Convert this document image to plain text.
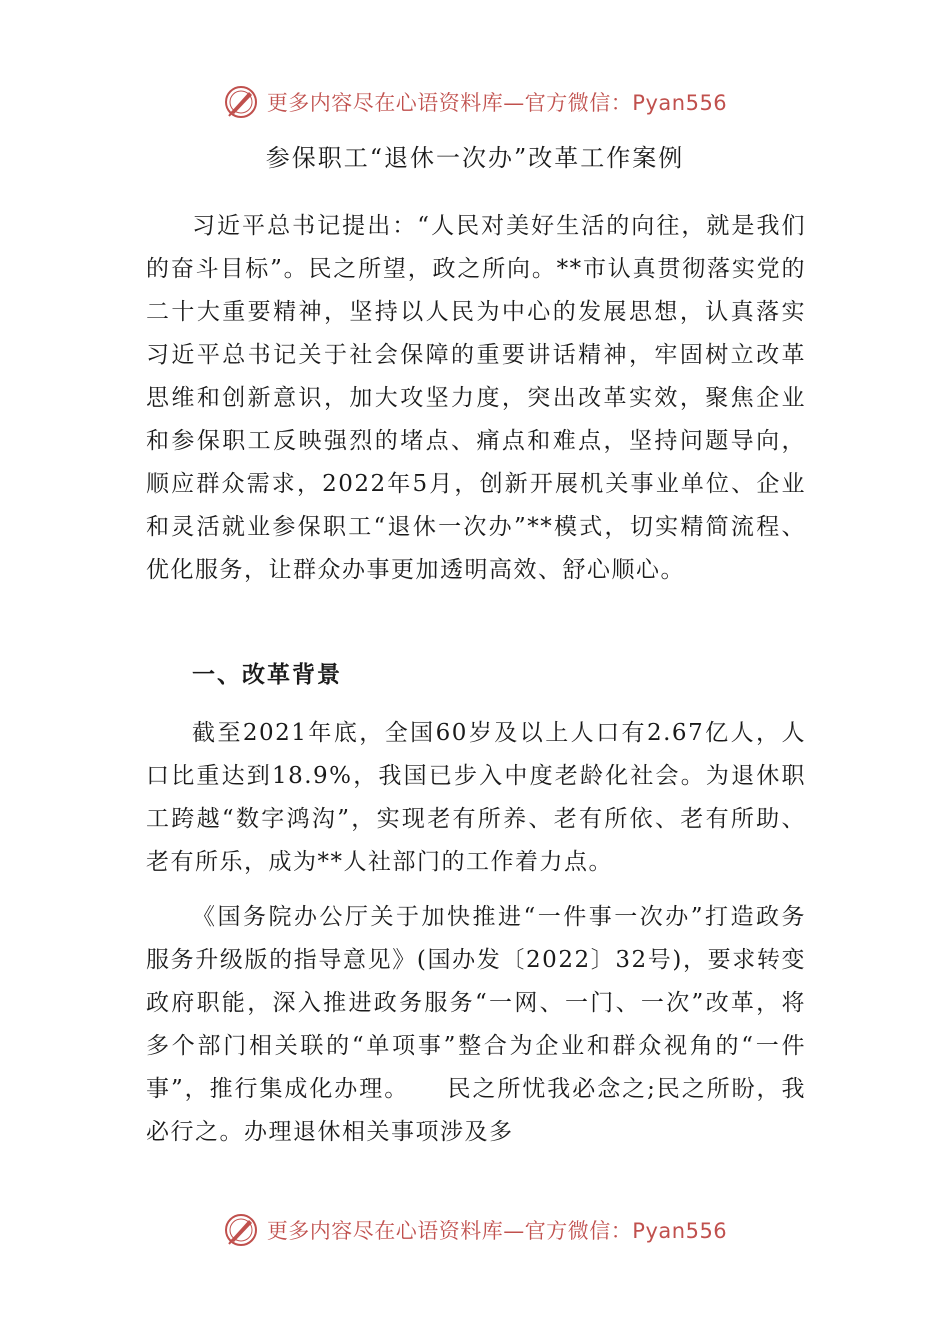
更多内容尽在心语资料库—官方微信：Pyan556
参保职工“退休一次办”改革工作案例

习近平总书记提出：“人民对美好生活的向往，就是我们的奋斗目标”。民之所望，政之所向。**市认真贯彻落实党的二十大重要精神，坚持以人民为中心的发展思想，认真落实习近平总书记关于社会保障的重要讲话精神，牢固树立改革思维和创新意识，加大攻坚力度，突出改革实效，聚焦企业和参保职工反映强烈的堵点、痛点和难点，坚持问题导向，顺应群众需求，2022年5月，创新开展机关事业单位、企业和灵活就业参保职工“退休一次办”**模式，切实精简流程、优化服务，让群众办事更加透明高效、舒心顺心。

一、改革背景

截至2021年底，全国60岁及以上人口有2.67亿人，人口比重达到18.9%，我国已步入中度老龄化社会。为退休职工跨越“数字鸿沟”，实现老有所养、老有所依、老有所助、老有所乐，成为**人社部门的工作着力点。

《国务院办公厅关于加快推进“一件事一次办”打造政务服务升级版的指导意见》(国办发〔2022〕32号)，要求转变政府职能，深入推进政务服务“一网、一门、一次”改革，将多个部门相关联的“单项事”整合为企业和群众视角的“一件事”，推行集成化办理。　　民之所忧我必念之;民之所盼，我必行之。办理退休相关事项涉及多

更多内容尽在心语资料库—官方微信：Pyan556
